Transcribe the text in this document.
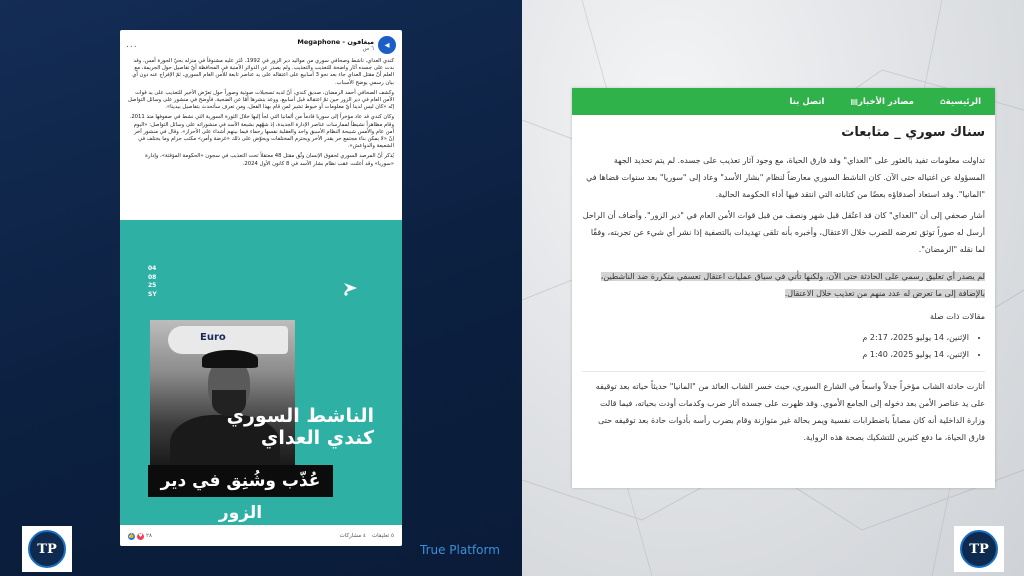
◂
Megaphone - ميغافون
٦ س
...

كندي العداي، ناشط وصحافي سوري من مواليد دير الزور في 1992، عُثر عليه مشنوقاً في منزله بحيّ الجورة أمس، وقد بدت على جسده آثار واضحة للتعذيب والتعذيب. ولم يصدر عن الدوائر الأمنية في المحافظة أيّ تفاصيل حول الجريمة، مع العلم أنّ مقتل العداي جاء بعد نحو 3 أسابيع على اعتقاله على يد عناصر تابعة للأمن العام السوري، ثمّ الإفراج عنه دون أي بيان رسمي يوضح الأسباب.

وكشف الصحافي أحمد الرمضان، صديق كندي، أنّ لديه تسجيلات صوتية وصوراً حول تعرّض الأخير للتعذيب على يد قوات الأمن العام في دير الزور حين تمّ اعتقاله قبل أسابيع، ووعد بنشرها أمّا عن الضحية، فأوضح في منشور على وسائل التواصل إنّه «كان ليس لدينا أيّ معلومات أو خيوط تشير لمن قام بهذا الفعل، ومن تعرف سأتحدث بتفاصيل بيدينا».

وكان كندي قد عاد مؤخراً إلى سوريا قادماً من ألمانيا التي لجأ إليها خلال الثورة السورية التي نشط في صفوفها منذ 2011. وقام مظاهراً نشيطاً لممارسات عناصر الإدارة الجديدة، إذ شهّهم بشيعة الأسد في منشوراته على وسائل التواصل: «اليوم أمن عام والأمس شبيحة النظام الأسبق واحد والعقلية نفسها رحماء فيما بينهم أشداء على الأحرار». وقال في منشور آخر إنّ «لا يمكن بناء مجتمع حر يقدر الأخر ويحترم المختلفات ويحوّض على ذلك «غرضة وأمن» مكتب جرام وما يختلف في الشعيعة والدواعش».

يُذكر أنّ المرصد السوري لحقوق الإنسان وثّق مقتل 48 معتقلاً تحت التعذيب في سجون «الحكومة المؤقتة»، وإدارة «سوريا» وقد أعلنت عقب نظام بشار الأسد في 8 كانون الأول 2024.

04
08
25
SY
Euro
الناشط السوري
كندي العداي
عُذّب وشُنِق في دير الزور
👍 ♥ ٢٨	٥ تعليقات
٤ مشاركات
TP	True Platform	TP
⌂ الرئيسية
▤ مصادر الأخبار
اتصل بنا
سناك سوري _ متابعات

تداولت معلومات تفيد بالعثور على "العداي" وقد فارق الحياة، مع وجود آثار تعذيب على جسده. لم يتم تحديد الجهة المسؤولة عن اغتياله حتى الآن. كان الناشط السوري معارضاً لنظام "بشار الأسد" وعاد إلى "سوريا" بعد سنوات قضاها في "المانيا". وقد استعاد أصدقاؤه بعضًا من كتاباته التي انتقد فيها أداء الحكومة الحالية.

أشار صحفي إلى أن "العداي" كان قد اعتُقل قبل شهر ونصف من قبل قوات الأمن العام في "دير الزور". وأضاف أن الراحل أرسل له صوراً توثق تعرضه للضرب خلال الاعتقال، وأخبره بأنه تلقى تهديدات بالتصفية إذا نشر أي شيء عن تجربته، وفقًا لما نقله "الرمضان".

لم يصدر أي تعليق رسمي على الحادثة حتى الآن، ولكنها تأتي في سياق عمليات اعتقال تعسفي متكررة ضد الناشطين، بالإضافة إلى ما تعرض له عدد منهم من تعذيب خلال الاعتقال.

مقالات ذات صلة
• الإثنين، 14 يوليو 2025، 2:17 م
• الإثنين، 14 يوليو 2025، 1:40 م

أثارت حادثة الشاب مؤخراً جدلاً واسعاً في الشارع السوري، حيث خسر الشاب العائد من "المانيا" حديثاً حياته بعد توقيفه على يد عناصر الأمن بعد دخوله إلى الجامع الأموي. وقد ظهرت على جسده آثار ضرب وكدمات أودت بحياته، فيما قالت وزارة الداخلية أنه كان مصاباً باضطرابات نفسية ويمر بحالة غير متوازنة وقام بضرب رأسه بأدوات حادة بعد توقيفه حتى فارق الحياة، ما دفع كثيرين للتشكيك بصحة هذه الرواية.
